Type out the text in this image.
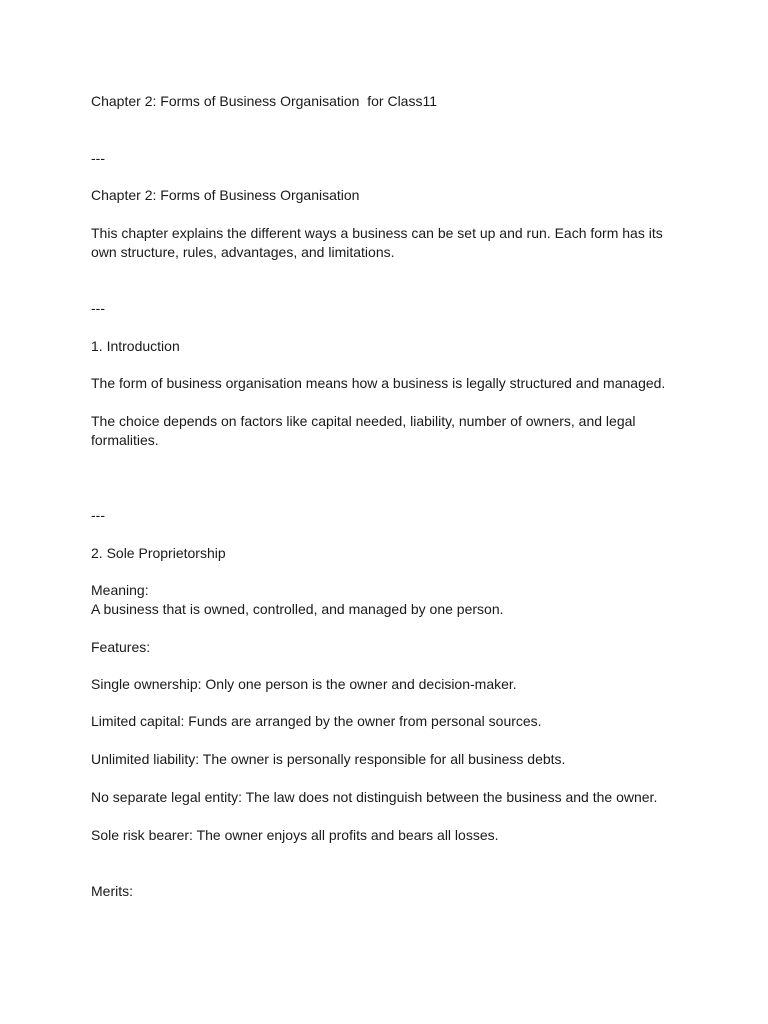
Chapter 2: Forms of Business Organisation  for Class11

---

Chapter 2: Forms of Business Organisation

This chapter explains the different ways a business can be set up and run. Each form has its own structure, rules, advantages, and limitations.

---

1. Introduction

The form of business organisation means how a business is legally structured and managed.

The choice depends on factors like capital needed, liability, number of owners, and legal formalities.

---

2. Sole Proprietorship

Meaning:

A business that is owned, controlled, and managed by one person.

Features:

Single ownership: Only one person is the owner and decision-maker.

Limited capital: Funds are arranged by the owner from personal sources.

Unlimited liability: The owner is personally responsible for all business debts.

No separate legal entity: The law does not distinguish between the business and the owner.

Sole risk bearer: The owner enjoys all profits and bears all losses.

Merits:
